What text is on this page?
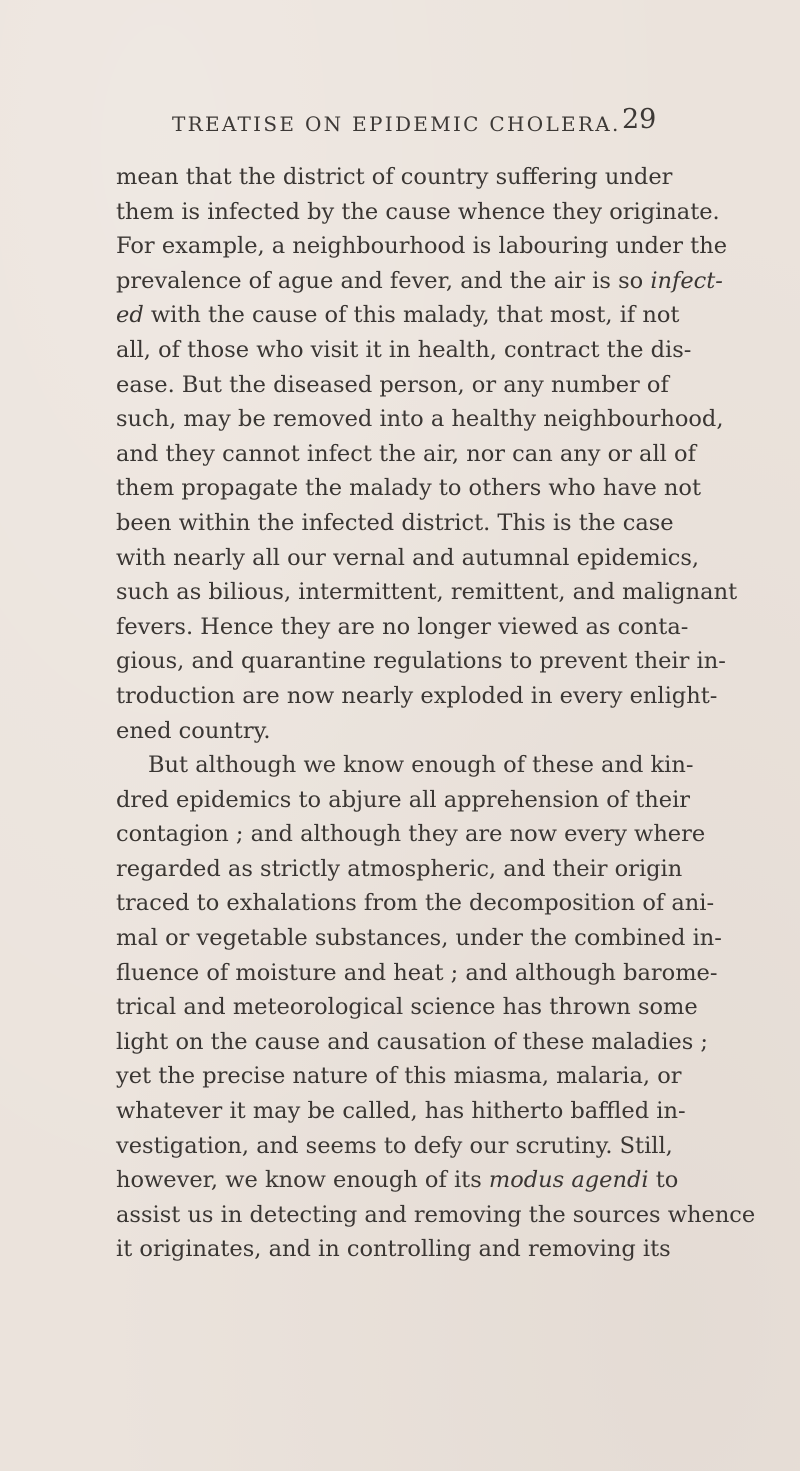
TREATISE ON EPIDEMIC CHOLERA. 29
mean that the district of country suffering under
them is infected by the cause whence they originate.
For example, a neighbourhood is labouring under the
prevalence of ague and fever, and the air is so infect-
ed with the cause of this malady, that most, if not
all, of those who visit it in health, contract the dis-
ease. But the diseased person, or any number of
such, may be removed into a healthy neighbourhood,
and they cannot infect the air, nor can any or all of
them propagate the malady to others who have not
been within the infected district. This is the case
with nearly all our vernal and autumnal epidemics,
such as bilious, intermittent, remittent, and malignant
fevers. Hence they are no longer viewed as conta-
gious, and quarantine regulations to prevent their in-
troduction are now nearly exploded in every enlight-
ened country.
But although we know enough of these and kin-
dred epidemics to abjure all apprehension of their
contagion ; and although they are now every where
regarded as strictly atmospheric, and their origin
traced to exhalations from the decomposition of ani-
mal or vegetable substances, under the combined in-
fluence of moisture and heat ; and although barome-
trical and meteorological science has thrown some
light on the cause and causation of these maladies ;
yet the precise nature of this miasma, malaria, or
whatever it may be called, has hitherto baffled in-
vestigation, and seems to defy our scrutiny. Still,
however, we know enough of its modus agendi to
assist us in detecting and removing the sources whence
it originates, and in controlling and removing its
